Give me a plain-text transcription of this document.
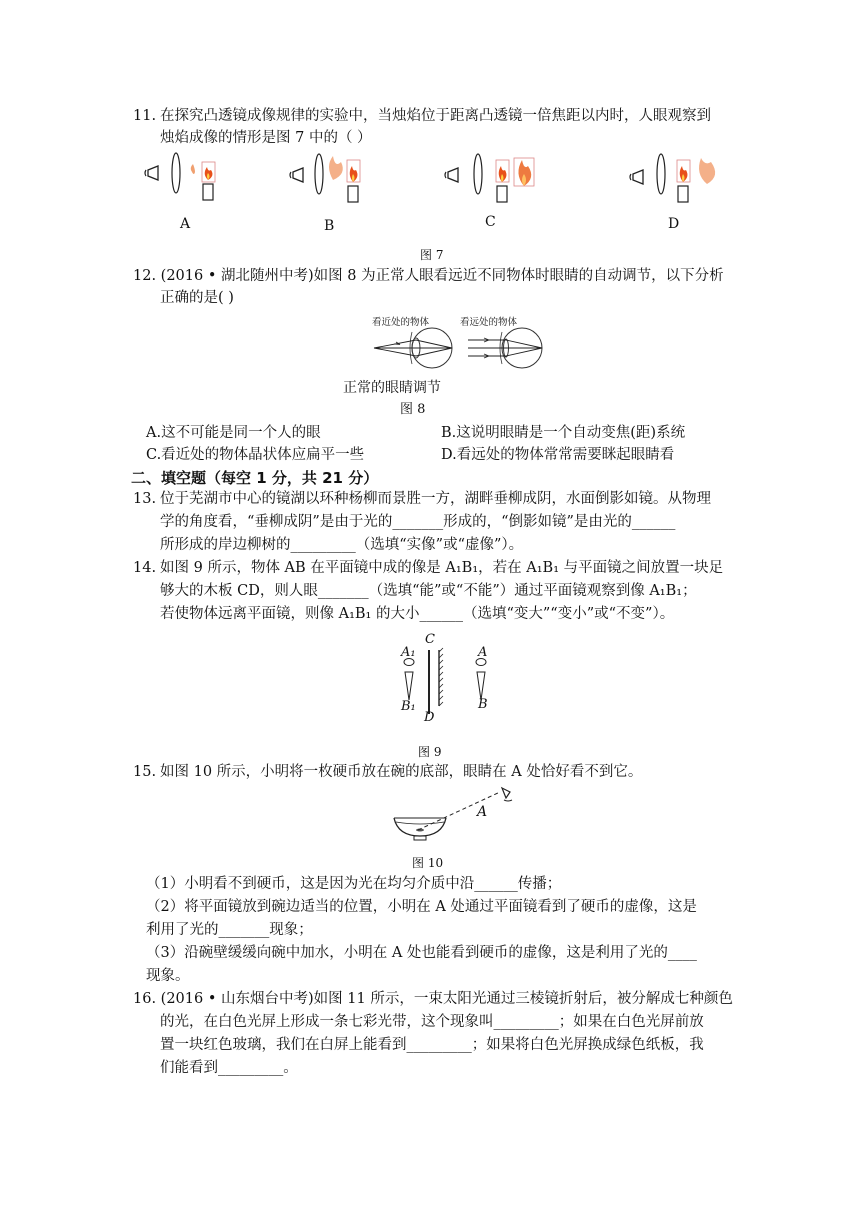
11. 在探究凸透镜成像规律的实验中，当烛焰位于距离凸透镜一倍焦距以内时，人眼观察到
烛焰成像的情形是图 7 中的（ ）
A	B	C	D
图 7
12. (2016 • 湖北随州中考)如图 8 为正常人眼看远近不同物体时眼睛的自动调节，以下分析
正确的是( )
看近处的物体	看远处的物体
正常的眼睛调节
图 8
A.这不可能是同一个人的眼	B.这说明眼睛是一个自动变焦(距)系统
C.看近处的物体晶状体应扁平一些	D.看远处的物体常常需要眯起眼睛看
二、填空题（每空 1 分，共 21 分）
13. 位于芜湖市中心的镜湖以环种杨柳而景胜一方，湖畔垂柳成阴，水面倒影如镜。从物理
学的角度看，“垂柳成阴”是由于光的_______形成的，“倒影如镜”是由光的______
所形成的岸边柳树的_________（选填“实像”或“虚像”）。
14. 如图 9 所示，物体 AB 在平面镜中成的像是 A₁B₁，若在 A₁B₁ 与平面镜之间放置一块足
够大的木板 CD，则人眼_______（选填“能”或“不能”）通过平面镜观察到像 A₁B₁；
若使物体远离平面镜，则像 A₁B₁ 的大小______（选填“变大”“变小”或“不变”）。
A₁
B₁
C
D
A
B
图 9
15. 如图 10 所示，小明将一枚硬币放在碗的底部，眼睛在 A 处恰好看不到它。
A
图 10
（1）小明看不到硬币，这是因为光在均匀介质中沿______传播；
（2）将平面镜放到碗边适当的位置，小明在 A 处通过平面镜看到了硬币的虚像，这是
利用了光的_______现象；
（3）沿碗壁缓缓向碗中加水，小明在 A 处也能看到硬币的虚像，这是利用了光的____
现象。
16. (2016 • 山东烟台中考)如图 11 所示，一束太阳光通过三棱镜折射后，被分解成七种颜色
的光，在白色光屏上形成一条七彩光带，这个现象叫_________；如果在白色光屏前放
置一块红色玻璃，我们在白屏上能看到_________；如果将白色光屏换成绿色纸板，我
们能看到_________。
